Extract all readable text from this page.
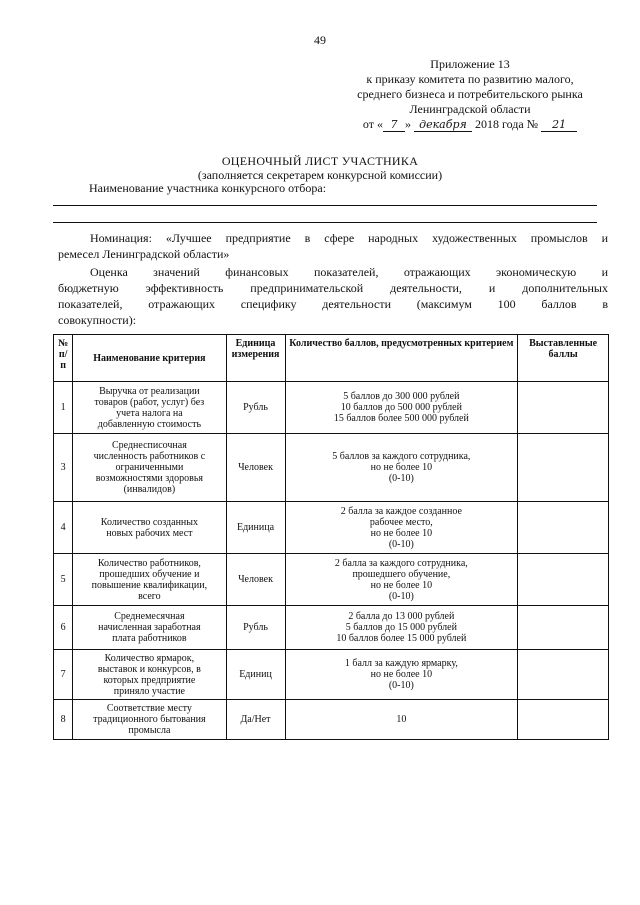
49
Приложение 13
к приказу комитета по развитию малого,
среднего бизнеса и потребительского рынка
Ленинградской области
от « 7 » декабря 2018 года № 21
ОЦЕНОЧНЫЙ ЛИСТ УЧАСТНИКА
(заполняется секретарем конкурсной комиссии)
Наименование участника конкурсного отбора:
Номинация: «Лучшее предприятие в сфере народных художественных промыслов и
ремесел Ленинградской области»
Оценка значений финансовых показателей, отражающих экономическую и
бюджетную эффективность предпринимательской деятельности, и дополнительных
показателей, отражающих специфику деятельности (максимум 100 баллов в
совокупности):
№
п/п	Наименование критерия	Единица
измерения	Количество баллов, предусмотренных критерием	Выставленные баллы
1	Выручка от реализации
товаров (работ, услуг) без
учета налога на
добавленную стоимость	Рубль	5 баллов до 300 000 рублей
10 баллов до 500 000 рублей
15 баллов более 500 000 рублей	
3	Среднесписочная
численность работников с
ограниченными
возможностями здоровья
(инвалидов)	Человек	5 баллов за каждого сотрудника,
но не более 10
(0-10)	
4	Количество созданных
новых рабочих мест	Единица	2 балла за каждое созданное
рабочее место,
но не более 10
(0-10)	
5	Количество работников,
прошедших обучение и
повышение квалификации,
всего	Человек	2 балла за каждого сотрудника,
прошедшего обучение,
но не более 10
(0-10)	
6	Среднемесячная
начисленная заработная
плата работников	Рубль	2 балла до 13 000 рублей
5 баллов до 15 000 рублей
10 баллов более 15 000 рублей	
7	Количество ярмарок,
выставок и конкурсов, в
которых предприятие
приняло участие	Единиц	1 балл за каждую ярмарку,
но не более 10
(0-10)	
8	Соответствие месту
традиционного бытования
промысла	Да/Нет	10	
